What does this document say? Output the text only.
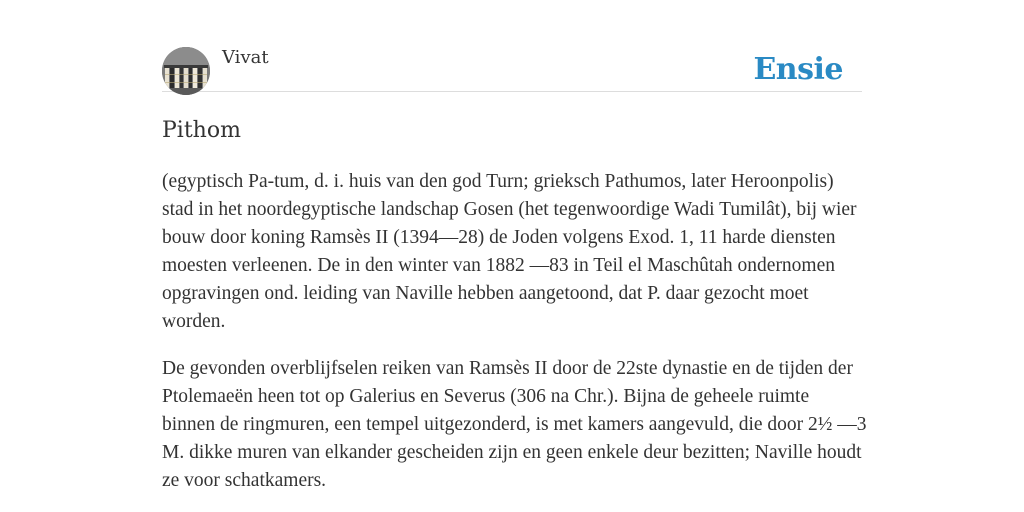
Vivat	Ensie
Pithom

(egyptisch Pa-tum, d. i. huis van den god Turn; grieksch Pathumos, later Heroonpolis) stad in het noordegyptische landschap Gosen (het tegenwoordige Wadi Tumilât), bij wier bouw door koning Ramsès II (1394—28) de Joden volgens Exod. 1, 11 harde diensten moesten verleenen. De in den winter van 1882 —83 in Teil el Maschûtah ondernomen opgravingen ond. leiding van Naville hebben aangetoond, dat P. daar gezocht moet worden.

De gevonden overblijfselen reiken van Ramsès II door de 22ste dynastie en de tijden der Ptolemaeën heen tot op Galerius en Severus (306 na Chr.). Bijna de geheele ruimte binnen de ringmuren, een tempel uitgezonderd, is met kamers aangevuld, die door 2½ —3 M. dikke muren van elkander gescheiden zijn en geen enkele deur bezitten; Naville houdt ze voor schatkamers.
